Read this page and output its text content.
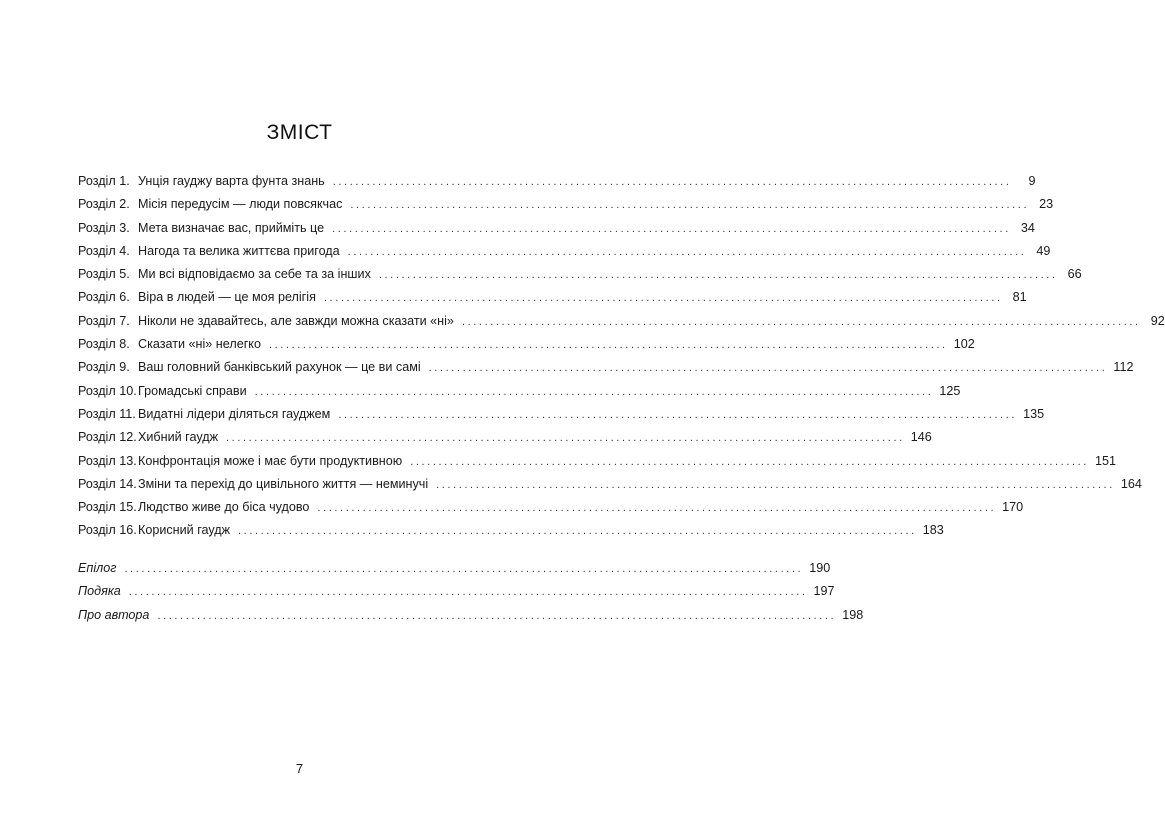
ЗМІСТ
Розділ 1. Унція гауджу варта фунта знань ........................................................................................................................	9
Розділ 2. Місія передусім — люди повсякчас ........................................................................................................................ 23
Розділ 3. Мета визначає вас, прийміть це ........................................................................................................................ 34
Розділ 4. Нагода та велика життєва пригода ........................................................................................................................ 49
Розділ 5. Ми всі відповідаємо за себе та за інших ........................................................................................................................ 66
Розділ 6. Віра в людей — це моя релігія ........................................................................................................................ 81
Розділ 7. Ніколи не здавайтесь, але завжди можна сказати «ні» ........................................................................................................................ 92
Розділ 8. Сказати «ні» нелегко ........................................................................................................................ 102
Розділ 9. Ваш головний банківський рахунок — це ви самі ........................................................................................................................ 112
Розділ 10. Громадські справи ........................................................................................................................ 125
Розділ 11. Видатні лідери діляться гауджем ........................................................................................................................ 135
Розділ 12. Хибний гаудж ........................................................................................................................ 146
Розділ 13. Конфронтація може і має бути продуктивною ........................................................................................................................ 151
Розділ 14. Зміни та перехід до цивільного життя — неминучі ........................................................................................................................ 164
Розділ 15. Людство живе до біса чудово ........................................................................................................................ 170
Розділ 16. Корисний гаудж ........................................................................................................................ 183
Епілог ........................................................................................................................ 190
Подяка ........................................................................................................................ 197
Про автора ........................................................................................................................ 198
7
